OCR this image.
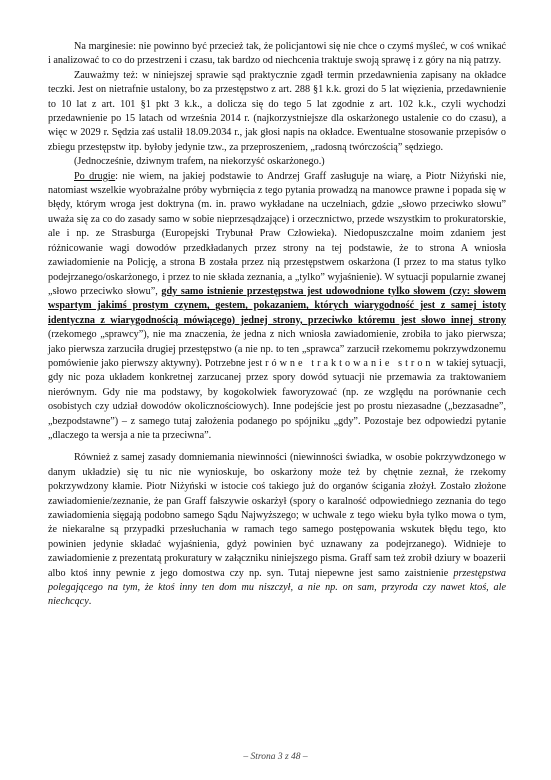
Na marginesie: nie powinno być przecież tak, że policjantowi się nie chce o czymś myśleć, w coś wnikać i analizować to co do przestrzeni i czasu, tak bardzo od niechcenia traktuje swoją sprawę i z góry na nią patrzy.

Zauważmy też: w niniejszej sprawie sąd praktycznie zgadł termin przedawnienia zapisany na okładce teczki. Jest on nietrafnie ustalony, bo za przestępstwo z art. 288 §1 k.k. grozi do 5 lat więzienia, przedawnienie to 10 lat z art. 101 §1 pkt 3 k.k., a dolicza się do tego 5 lat zgodnie z art. 102 k.k., czyli wychodzi przedawnienie po 15 latach od września 2014 r. (najkorzystniejsze dla oskarżonego ustalenie co do czasu), a więc w 2029 r. Sędzia zaś ustalił 18.09.2034 r., jak głosi napis na okładce. Ewentualne stosowanie przepisów o zbiegu przestępstw itp. byłoby jedynie tzw., za przeproszeniem, „radosną twórczością” sędziego.

(Jednocześnie, dziwnym trafem, na niekorzyść oskarżonego.)

Po drugie: nie wiem, na jakiej podstawie to Andrzej Graff zasługuje na wiarę, a Piotr Niżyński nie, natomiast wszelkie wyobrażalne próby wybrnięcia z tego pytania prowadzą na manowce prawne i popada się w błędy, którym wroga jest doktryna (m. in. prawo wykładane na uczelniach, gdzie „słowo przeciwko słowu” uważa się za co do zasady samo w sobie nieprzesądzające) i orzecznictwo, przede wszystkim to prokuratorskie, ale i np. ze Strasburga (Europejski Trybunał Praw Człowieka). Niedopuszczalne moim zdaniem jest różnicowanie wagi dowodów przedkładanych przez strony na tej podstawie, że to strona A wniosła zawiadomienie na Policję, a strona B została przez nią przestępstwem oskarżona (I przez to ma status tylko podejrzanego/oskarżonego, i przez to nie składa zeznania, a „tylko” wyjaśnienie). W sytuacji popularnie zwanej „słowo przeciwko słowu”, gdy samo istnienie przestępstwa jest udowodnione tylko słowem (czy: słowem wspartym jakimś prostym czynem, gestem, pokazaniem, których wiarygodność jest z samej istoty identyczna z wiarygodnością mówiącego) jednej strony, przeciwko któremu jest słowo innej strony (rzekomego „sprawcy”), nie ma znaczenia, że jedna z nich wniosła zawiadomienie, zrobiła to jako pierwsza; jako pierwsza zarzuciła drugiej przestępstwo (a nie np. to ten „sprawca” zarzucił rzekomemu pokrzywdzonemu pomówienie jako pierwszy aktywny). Potrzebne jest równe traktowanie stron w takiej sytuacji, gdy nic poza układem konkretnej zarzucanej przez spory dowód sytuacji nie przemawia za traktowaniem nierównym. Gdy nie ma podstawy, by kogokolwiek faworyzować (np. ze względu na porównanie cech osobistych czy udział dowodów okolicznościowych). Inne podejście jest po prostu niezasadne („bezzasadne”, „bezpodstawne”) – z samego tutaj założenia podanego po spójniku „gdy”. Pozostaje bez odpowiedzi pytanie „dlaczego ta wersja a nie ta przeciwna”.

Również z samej zasady domniemania niewinności (niewinności świadka, w osobie pokrzywdzonego w danym układzie) się tu nic nie wynioskuje, bo oskarżony może też by chętnie zeznał, że rzekomy pokrzywdzony kłamie. Piotr Niżyński w istocie coś takiego już do organów ścigania złożył. Zostało złożone zawiadomienie/zeznanie, że pan Graff fałszywie oskarżył (spory o karalność odpowiedniego zeznania do tego zawiadomienia sięgają podobno samego Sądu Najwyższego; w uchwale z tego wieku była tylko mowa o tym, że niekaralne są przypadki przesłuchania w ramach tego samego postępowania wskutek błędu tego, kto powinien jedynie składać wyjaśnienia, gdyż powinien być uznawany za podejrzanego). Widnieje to zawiadomienie z prezentatą prokuratury w załączniku niniejszego pisma. Graff sam też zrobił dziury w boazerii albo ktoś inny pewnie z jego domostwa czy np. syn. Tutaj niepewne jest samo zaistnienie przestępstwa polegającego na tym, że ktoś inny ten dom mu niszczył, a nie np. on sam, przyroda czy nawet ktoś, ale niechcący.

– Strona 3 z 48 –
